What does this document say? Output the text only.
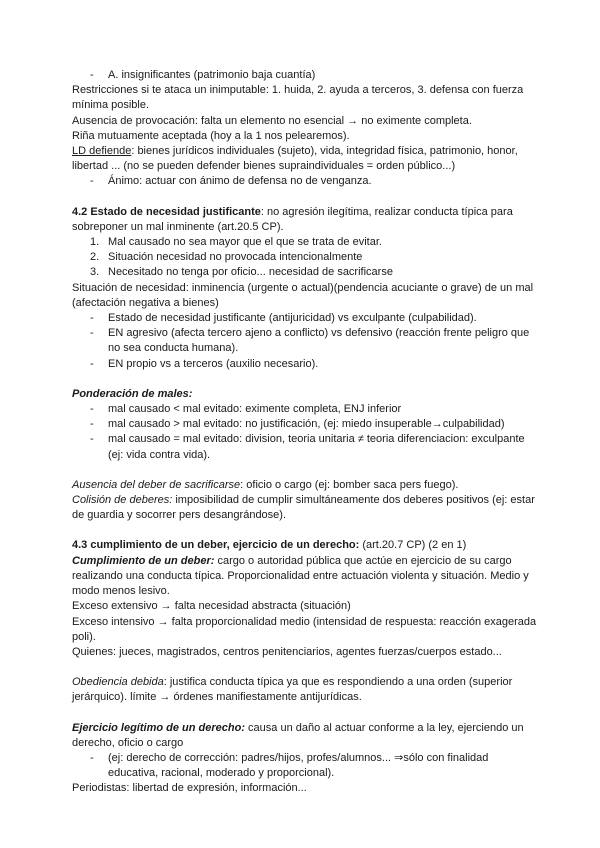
- A. insignificantes (patrimonio baja cuantía)

Restricciones si te ataca un inimputable: 1. huida, 2. ayuda a terceros, 3. defensa con fuerza mínima posible.

Ausencia de provocación: falta un elemento no esencial → no eximente completa.

Riña mutuamente aceptada (hoy a la 1 nos pelearemos).

LD defiende: bienes jurídicos individuales (sujeto), vida, integridad física, patrimonio, honor, libertad ... (no se pueden defender bienes supraindividuales = orden público...)

- Ánimo: actuar con ánimo de defensa no de venganza.

4.2 Estado de necesidad justificante: no agresión ilegítima, realizar conducta típica para sobreponer un mal inminente (art.20.5 CP).

1. Mal causado no sea mayor que el que se trata de evitar.

2. Situación necesidad no provocada intencionalmente

3. Necesitado no tenga por oficio... necesidad de sacrificarse

Situación de necesidad: inminencia (urgente o actual)(pendencia acuciante o grave) de un mal (afectación negativa a bienes)

- Estado de necesidad justificante (antijuricidad) vs exculpante (culpabilidad).

- EN agresivo (afecta tercero ajeno a conflicto) vs defensivo (reacción frente peligro que no sea conducta humana).

- EN propio vs a terceros (auxilio necesario).

Ponderación de males:

- mal causado < mal evitado: eximente completa, ENJ inferior

- mal causado > mal evitado: no justificación, (ej: miedo insuperable→culpabilidad)

- mal causado = mal evitado: division, teoria unitaria ≠ teoria diferenciacion: exculpante (ej: vida contra vida).

Ausencia del deber de sacrificarse: oficio o cargo (ej: bomber saca pers fuego).

Colisión de deberes: imposibilidad de cumplir simultáneamente dos deberes positivos (ej: estar de guardia y socorrer pers desangrándose).

4.3 cumplimiento de un deber, ejercicio de un derecho: (art.20.7 CP) (2 en 1)

Cumplimiento de un deber: cargo o autoridad pública que actúe en ejercicio de su cargo realizando una conducta típica. Proporcionalidad entre actuación violenta y situación. Medio y modo menos lesivo.

Exceso extensivo → falta necesidad abstracta (situación)

Exceso intensivo → falta proporcionalidad medio (intensidad de respuesta: reacción exagerada poli).

Quienes: jueces, magistrados, centros penitenciarios, agentes fuerzas/cuerpos estado...

Obediencia debida: justifica conducta típica ya que es respondiendo a una orden (superior jerárquico). límite → órdenes manifiestamente antijurídicas.

Ejercicio legítimo de un derecho: causa un daño al actuar conforme a la ley, ejerciendo un derecho, oficio o cargo

- (ej: derecho de corrección: padres/hijos, profes/alumnos... ⇒sólo con finalidad educativa, racional, moderado y proporcional).

Periodistas: libertad de expresión, información...
